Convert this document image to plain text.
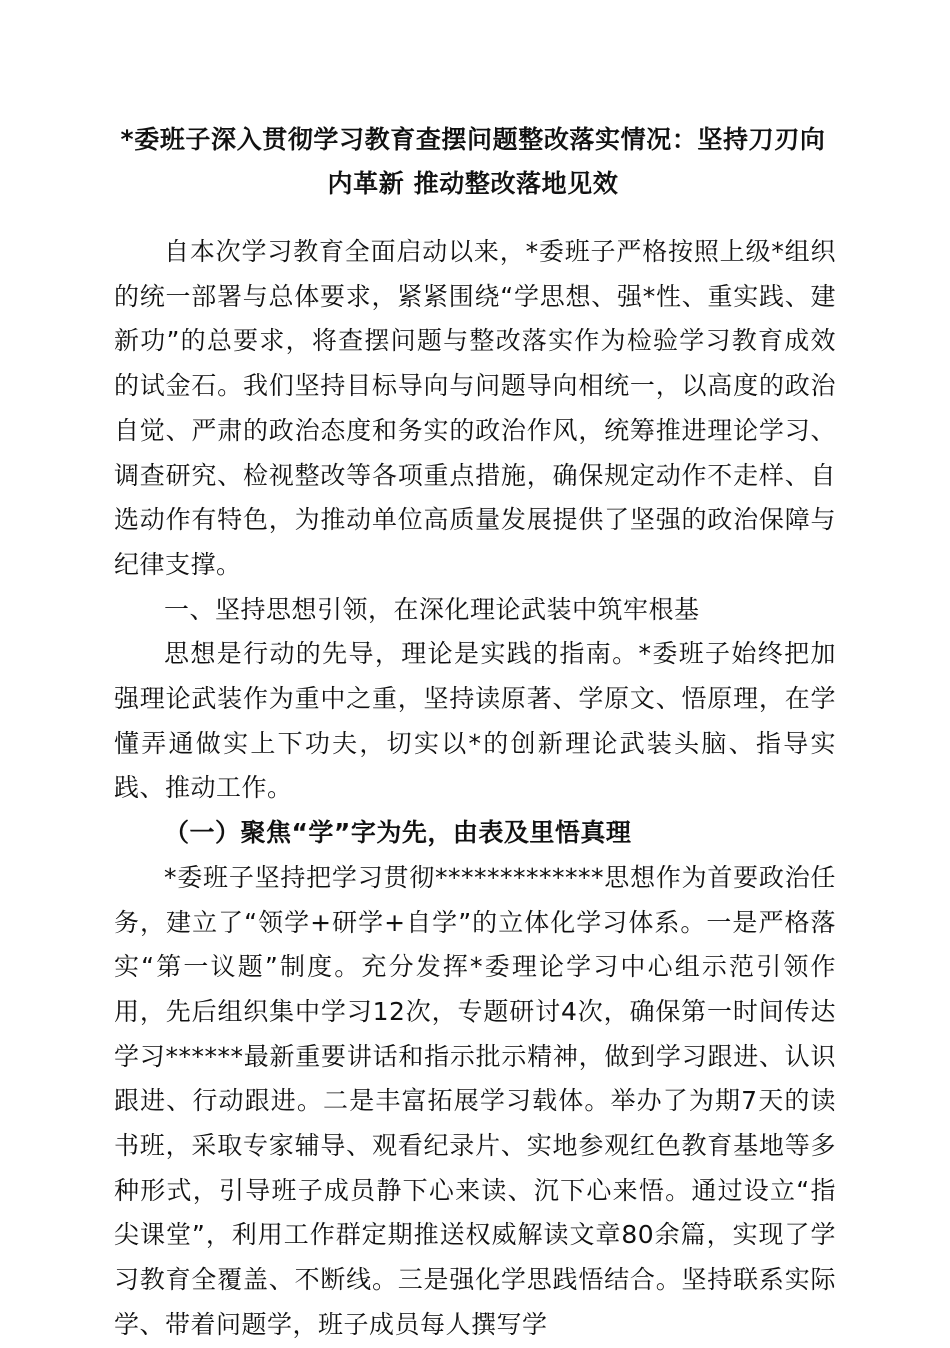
*委班子深入贯彻学习教育查摆问题整改落实情况：坚持刀刃向内革新 推动整改落地见效

自本次学习教育全面启动以来，*委班子严格按照上级*组织的统一部署与总体要求，紧紧围绕“学思想、强*性、重实践、建新功”的总要求，将查摆问题与整改落实作为检验学习教育成效的试金石。我们坚持目标导向与问题导向相统一，以高度的政治自觉、严肃的政治态度和务实的政治作风，统筹推进理论学习、调查研究、检视整改等各项重点措施，确保规定动作不走样、自选动作有特色，为推动单位高质量发展提供了坚强的政治保障与纪律支撑。

一、坚持思想引领，在深化理论武装中筑牢根基

思想是行动的先导，理论是实践的指南。*委班子始终把加强理论武装作为重中之重，坚持读原著、学原文、悟原理，在学懂弄通做实上下功夫，切实以*的创新理论武装头脑、指导实践、推动工作。

（一）聚焦“学”字为先，由表及里悟真理

*委班子坚持把学习贯彻*************思想作为首要政治任务，建立了“领学+研学+自学”的立体化学习体系。一是严格落实“第一议题”制度。充分发挥*委理论学习中心组示范引领作用，先后组织集中学习12次，专题研讨4次，确保第一时间传达学习******最新重要讲话和指示批示精神，做到学习跟进、认识跟进、行动跟进。二是丰富拓展学习载体。举办了为期7天的读书班，采取专家辅导、观看纪录片、实地参观红色教育基地等多种形式，引导班子成员静下心来读、沉下心来悟。通过设立“指尖课堂”，利用工作群定期推送权威解读文章80余篇，实现了学习教育全覆盖、不断线。三是强化学思践悟结合。坚持联系实际学、带着问题学，班子成员每人撰写学
